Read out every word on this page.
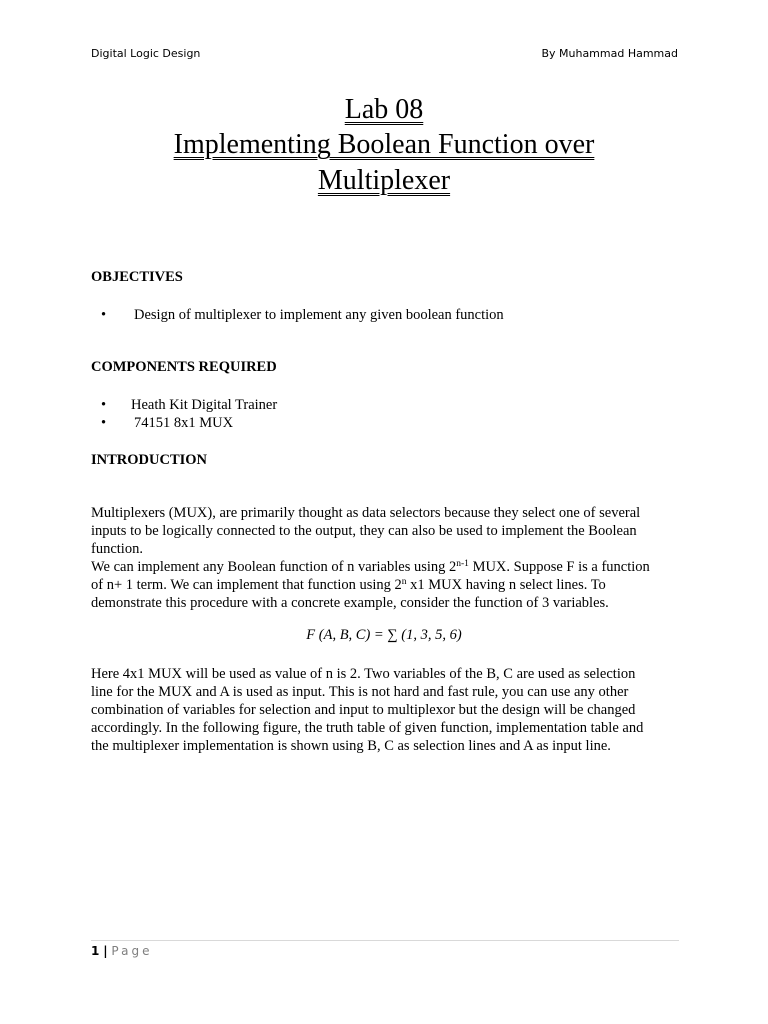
Digital Logic Design	By Muhammad Hammad
Lab 08
Implementing Boolean Function over
Multiplexer
OBJECTIVES
• Design of multiplexer to implement any given boolean function
COMPONENTS REQUIRED
• Heath Kit Digital Trainer
• 74151 8x1 MUX
INTRODUCTION
Multiplexers (MUX), are primarily thought as data selectors because they select one of several
inputs to be logically connected to the output, they can also be used to implement the Boolean
function.
We can implement any Boolean function of n variables using 2$^{n-1}$ MUX. Suppose F is a function
of n+ 1 term. We can implement that function using 2$^n$ x1 MUX having n select lines. To
demonstrate this procedure with a concrete example, consider the function of 3 variables.
F (A, B, C) = ∑ (1, 3, 5, 6)
Here 4x1 MUX will be used as value of n is 2. Two variables of the B, C are used as selection
line for the MUX and A is used as input. This is not hard and fast rule, you can use any other
combination of variables for selection and input to multiplexor but the design will be changed
accordingly. In the following figure, the truth table of given function, implementation table and
the multiplexer implementation is shown using B, C as selection lines and A as input line.
1 | Page
